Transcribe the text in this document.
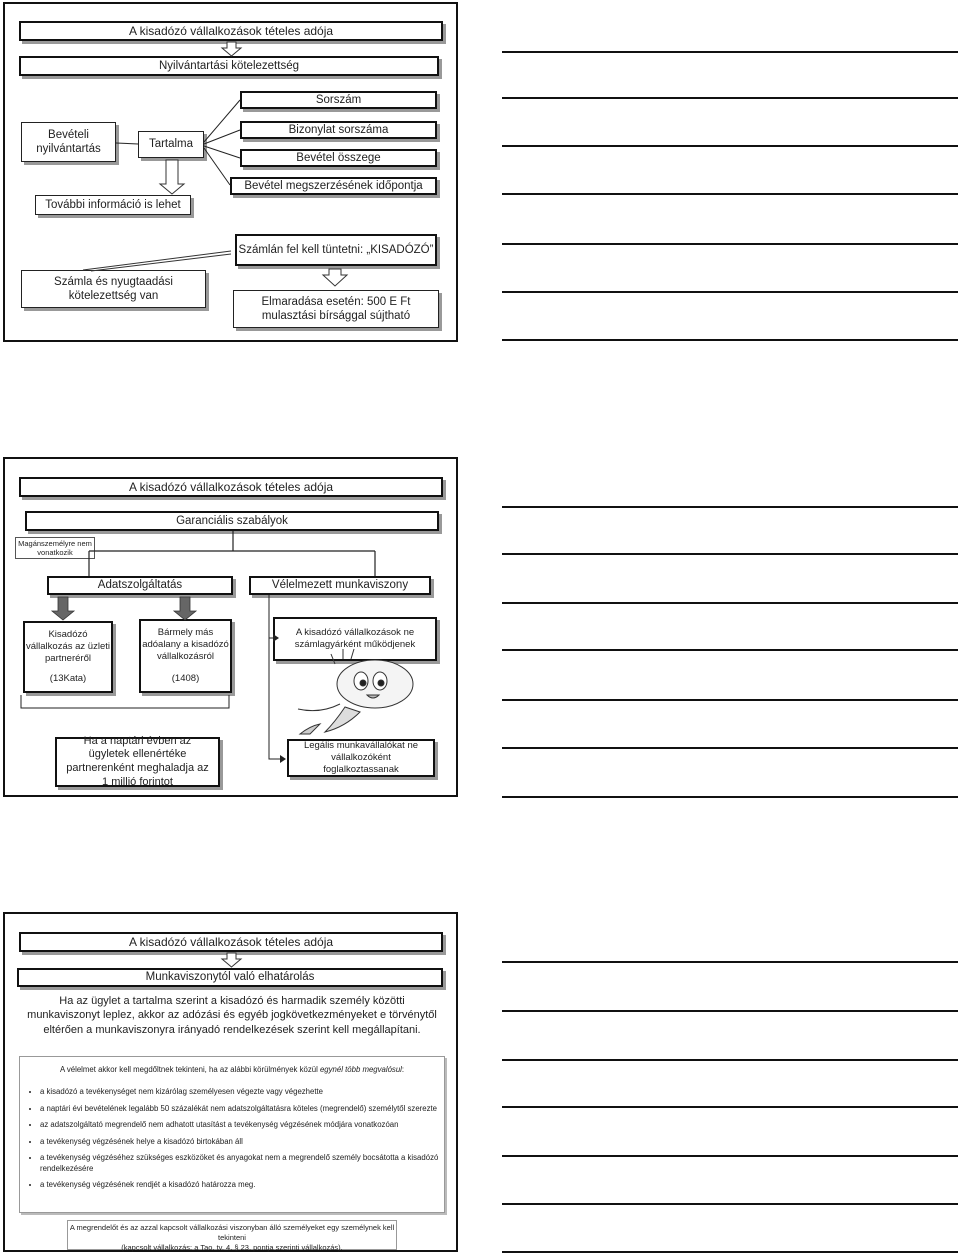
A kisadózó vállalkozások tételes adója
Nyilvántartási kötelezettség
Bevételi nyilvántartás	Tartalma
További információ is lehet
Sorszám
Bizonylat sorszáma
Bevétel összege
Bevétel megszerzésének időpontja
Számlán fel kell tüntetni: „KISADÓZÓ”
Számla és nyugtaadási kötelezettség van	Elmaradása esetén: 500 E Ft mulasztási bírsággal sújtható
A kisadózó vállalkozások tételes adója
Garanciális szabályok
Magánszemélyre nem vonatkozik
Adatszolgáltatás	Vélelmezett munkaviszony
Kisadózó vállalkozás az üzleti partneréről
(13Kata)
Bármely más adóalany a kisadózó vállalkozásról
(1408)
A kisadózó vállalkozások ne számlagyárként működjenek
Ha a naptári évben az ügyletek ellenértéke partnerenként meghaladja az 1 millió forintot
Legális munkavállalókat ne vállalkozóként foglalkoztassanak
A kisadózó vállalkozások tételes adója
Munkaviszonytól való elhatárolás
Ha az ügylet a tartalma szerint a kisadózó és harmadik személy közötti munkaviszonyt leplez, akkor az adózási és egyéb jogkövetkezményeket e törvénytől eltérően a munkaviszonyra irányadó rendelkezések szerint kell megállapítani.
A vélelmet akkor kell megdőltnek tekinteni, ha az alábbi körülmények közül egynél több megvalósul:
• a kisadózó a tevékenységet nem kizárólag személyesen végezte vagy végezhette
• a naptári évi bevételének legalább 50 százalékát nem adatszolgáltatásra köteles (megrendelő) személytől szerezte
• az adatszolgáltató megrendelő nem adhatott utasítást a tevékenység végzésének módjára vonatkozóan
• a tevékenység végzésének helye a kisadózó birtokában áll
• a tevékenység végzéséhez szükséges eszközöket és anyagokat nem a megrendelő személy bocsátotta a kisadózó rendelkezésére
• a tevékenység végzésének rendjét a kisadózó határozza meg.
A megrendelőt és az azzal kapcsolt vállalkozási viszonyban álló személyeket egy személynek kell tekinteni
(kapcsolt vállalkozás: a Tao. tv. 4. § 23. pontja szerinti vállalkozás).
